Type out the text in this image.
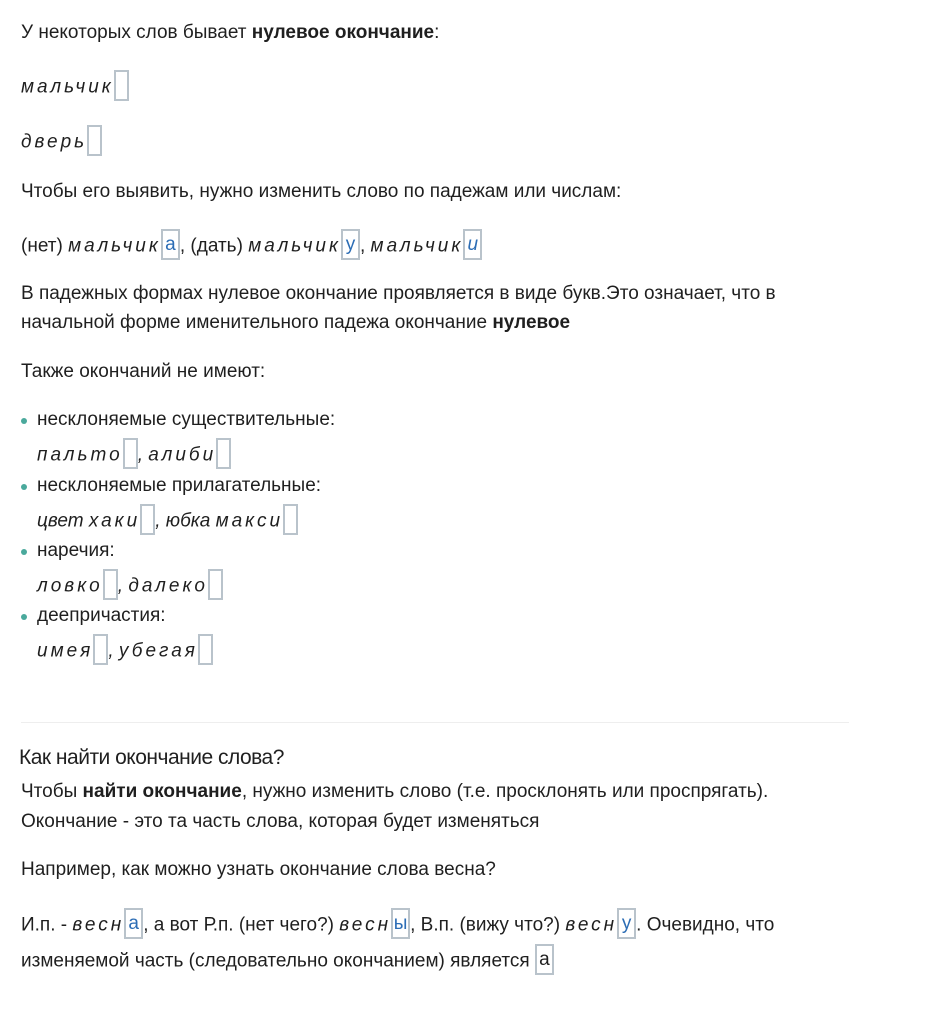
У некоторых слов бывает нулевое окончание:

мальчик
дверь

Чтобы его выявить, нужно изменить слово по падежам или числам:

(нет) мальчик а , (дать) мальчик у , мальчик и

В падежных формах нулевое окончание проявляется в виде букв.Это означает, что в

начальной форме именительного падежа окончание нулевое

Также окончаний не имеют:

несклоняемые существительные:
пальто , алиби
несклоняемые прилагательные:
цвет хаки , юбка макси
наречия:
ловко , далеко
деепричастия:
имея , убегая
Как найти окончание слова?

Чтобы найти окончание, нужно изменить слово (т.е. просклонять или проспрягать).

Окончание - это та часть слова, которая будет изменяться

Например, как можно узнать окончание слова весна?

И.п. - весн а , а вот Р.п. (нет чего?) весн ы , В.п. (вижу что?) весн у . Очевидно, что
изменяемой часть (следовательно окончанием) является а
